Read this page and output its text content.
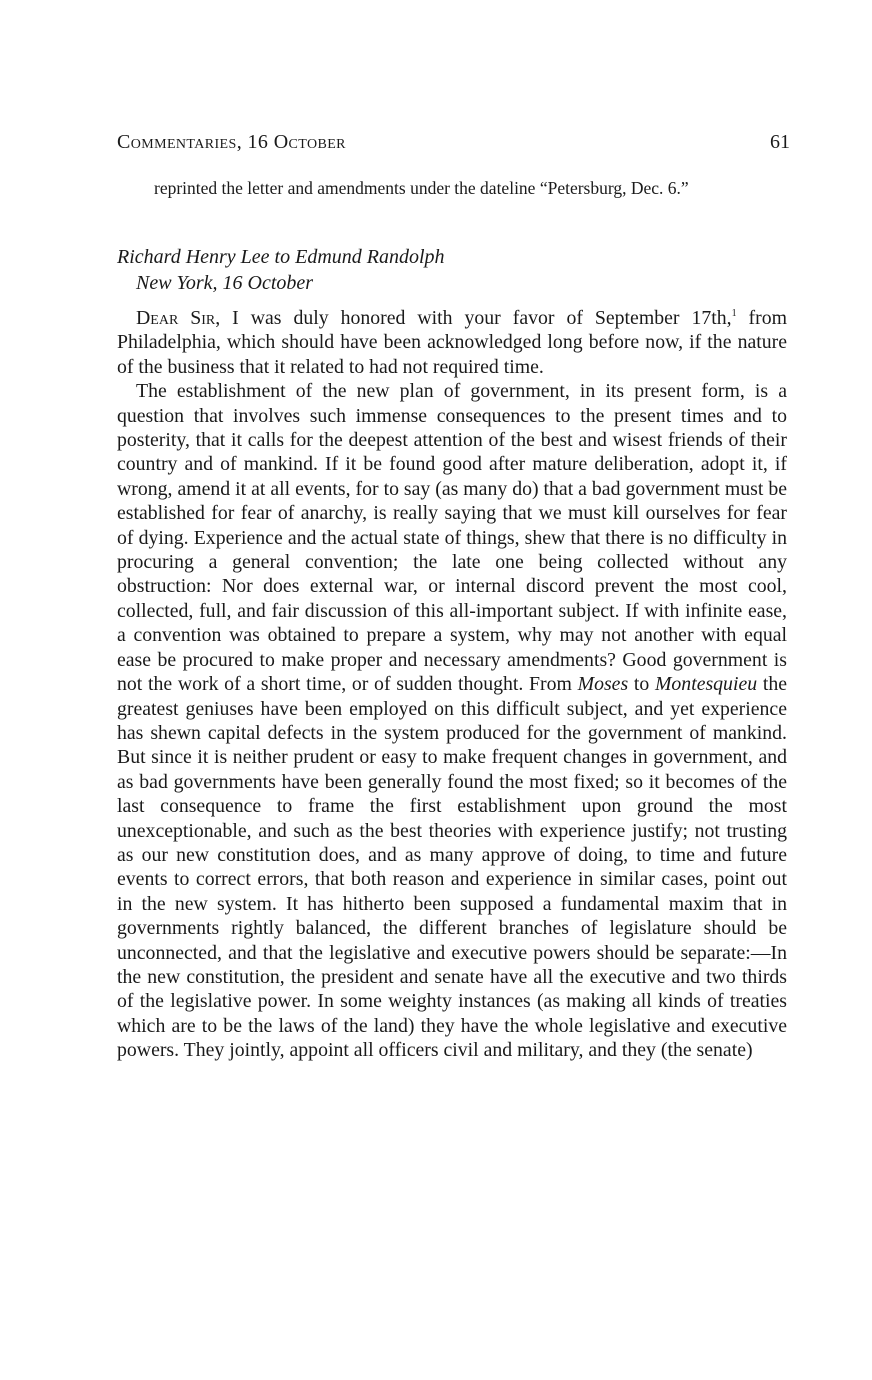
Commentaries, 16 October	61
reprinted the letter and amendments under the dateline “Petersburg, Dec. 6.”
Richard Henry Lee to Edmund Randolph
New York, 16 October

Dear Sir, I was duly honored with your favor of September 17th,$^1$ from Philadelphia, which should have been acknowledged long before now, if the nature of the business that it related to had not required time.

The establishment of the new plan of government, in its present form, is a question that involves such immense consequences to the present times and to posterity, that it calls for the deepest attention of the best and wisest friends of their country and of mankind. If it be found good after mature deliberation, adopt it, if wrong, amend it at all events, for to say (as many do) that a bad government must be established for fear of anarchy, is really saying that we must kill ourselves for fear of dying. Experience and the actual state of things, shew that there is no difficulty in procuring a general convention; the late one being collected without any obstruction: Nor does external war, or internal discord prevent the most cool, collected, full, and fair discussion of this all-important subject. If with infinite ease, a convention was obtained to prepare a system, why may not another with equal ease be procured to make proper and necessary amendments? Good government is not the work of a short time, or of sudden thought. From Moses to Montesquieu the greatest geniuses have been employed on this difficult subject, and yet experience has shewn capital defects in the system produced for the government of mankind. But since it is neither prudent or easy to make frequent changes in government, and as bad governments have been generally found the most fixed; so it becomes of the last consequence to frame the first establishment upon ground the most unexceptionable, and such as the best theories with experience justify; not trusting as our new constitution does, and as many approve of doing, to time and future events to correct errors, that both reason and experience in similar cases, point out in the new system. It has hitherto been supposed a fundamental maxim that in governments rightly balanced, the different branches of legislature should be unconnected, and that the legislative and executive powers should be separate:—In the new constitution, the president and senate have all the executive and two thirds of the legislative power. In some weighty instances (as making all kinds of treaties which are to be the laws of the land) they have the whole legislative and executive powers. They jointly, appoint all officers civil and military, and they (the senate)
